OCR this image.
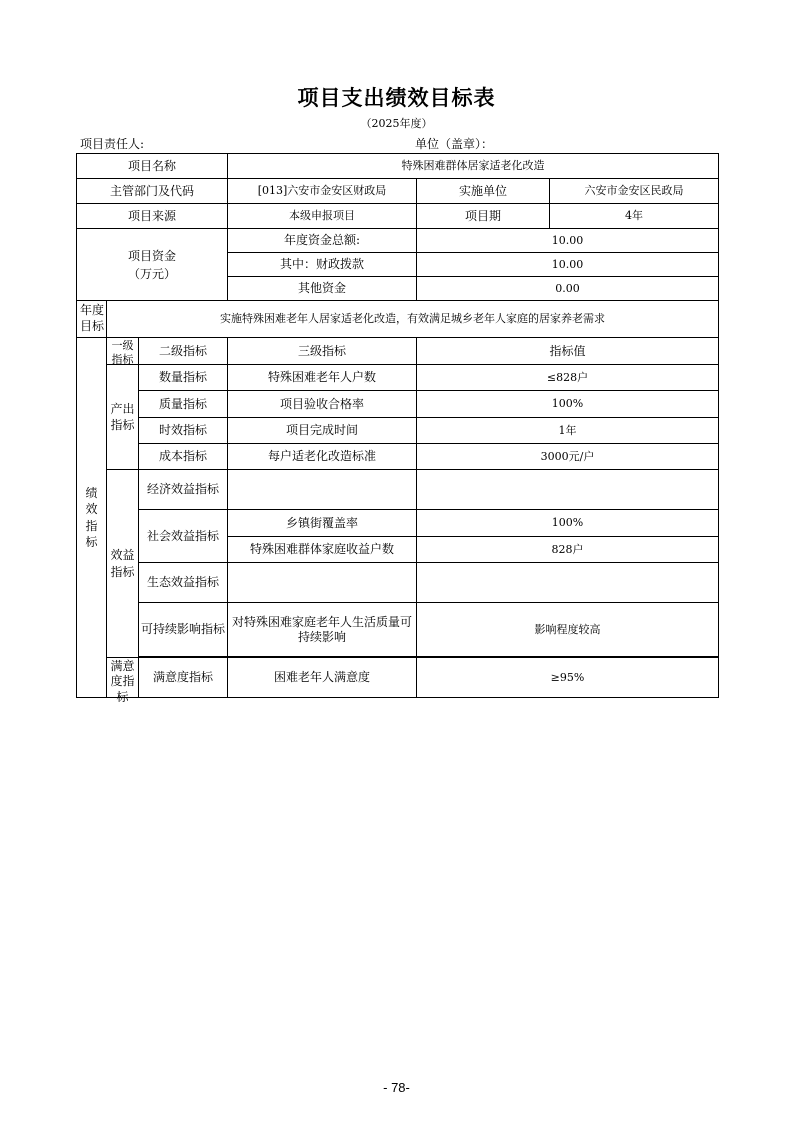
项目支出绩效目标表
（2025年度）
项目责任人:	单位（盖章）：
项目名称			特殊困难群体居家适老化改造		
主管部门及代码			[013]六安市金安区财政局	实施单位	六安市金安区民政局
项目来源			本级申报项目	项目期	4年

项目资金（万元）			年度资金总额:	10.00	
			其中：财政拨款	10.00	
			其他资金	0.00	

年度目标	实施特殊困难老年人居家适老化改造，有效满足城乡老年人家庭的居家养老需求				

绩效指标	一级指标	二级指标	三级指标	指标值	

	产出指标	数量指标	特殊困难老年人户数	≤828户	
		质量指标	项目验收合格率	100%	
		时效指标	项目完成时间	1年	
		成本指标	每户适老化改造标准	3000元/户	

	效益指标	经济效益指标			
		社会效益指标	乡镇街覆盖率	100%	
			特殊困难群体家庭收益户数	828户	
		生态效益指标			
		可持续影响指标	对特殊困难家庭老年人生活质量可持续影响	影响程度较高	

	满意度指标	满意度指标	困难老年人满意度	≥95%	
- 78-
